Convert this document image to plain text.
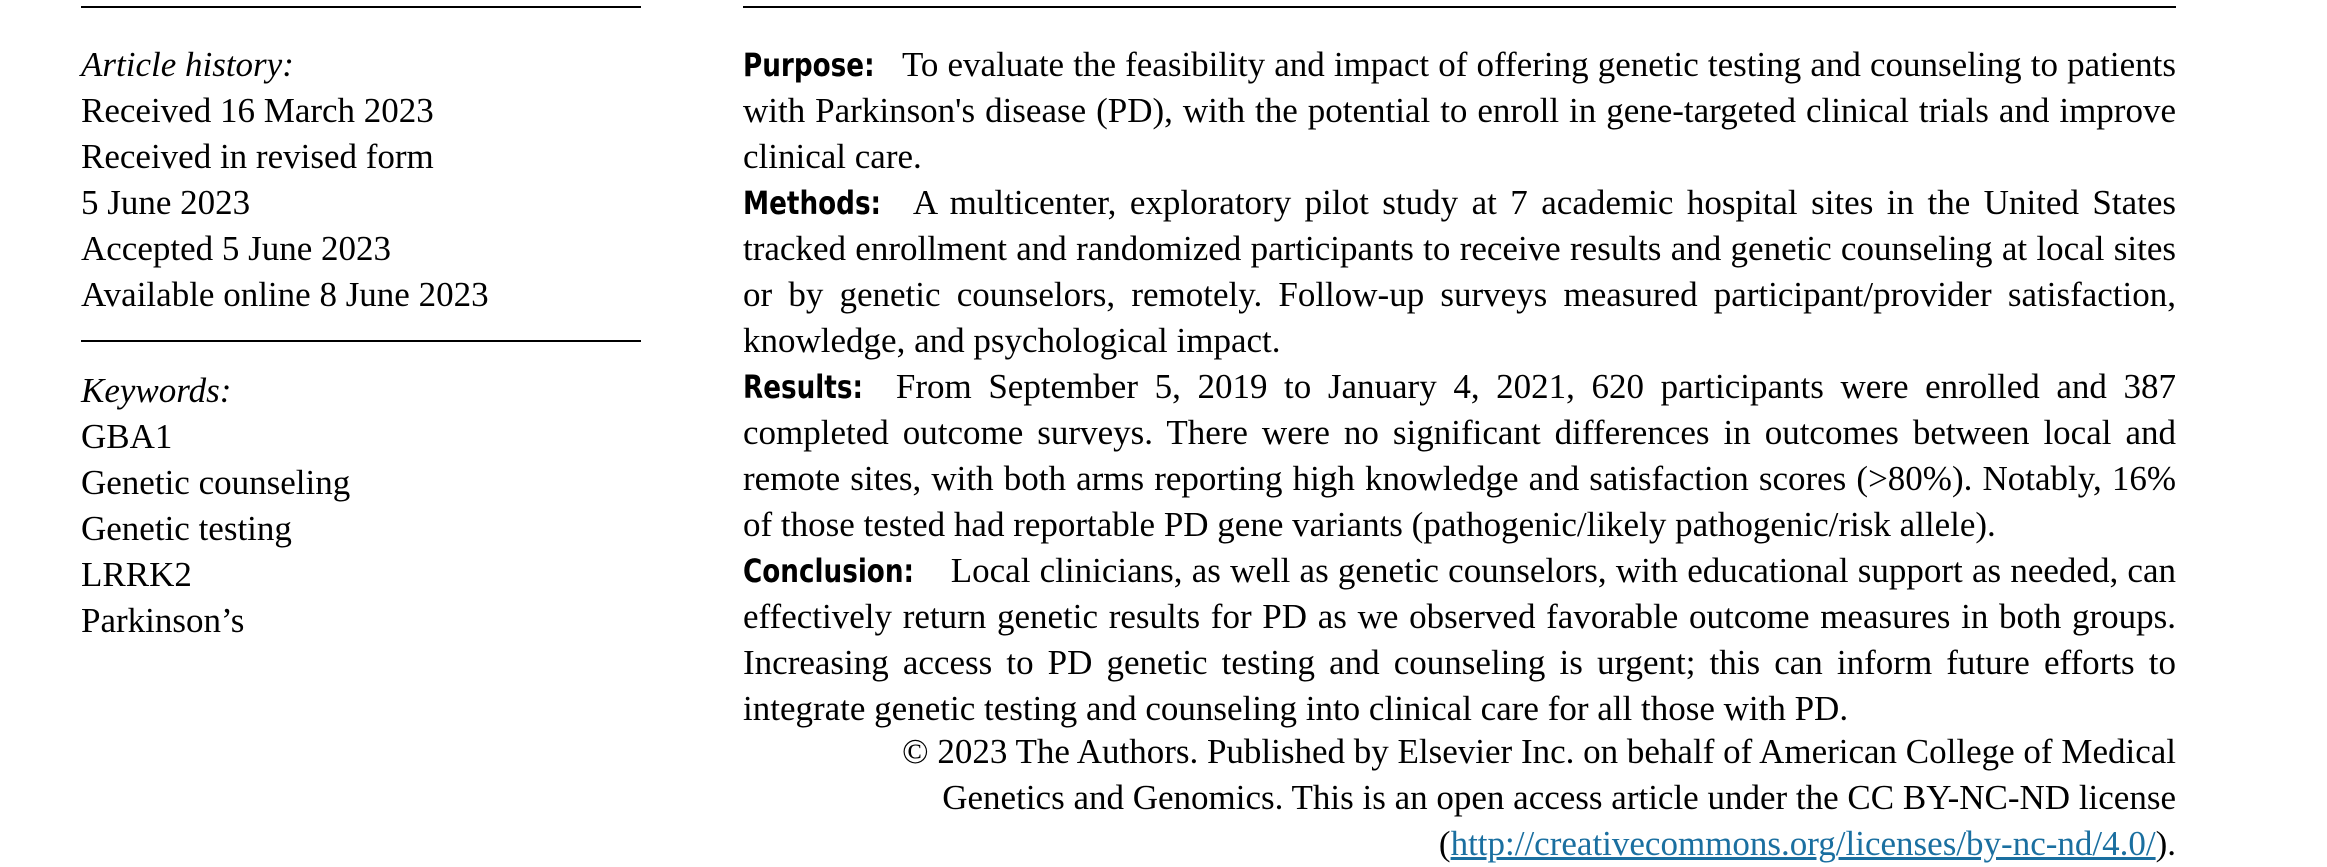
Article history:
Received 16 March 2023
Received in revised form
5 June 2023
Accepted 5 June 2023
Available online 8 June 2023
Keywords:
GBA1
Genetic counseling
Genetic testing
LRRK2
Parkinson’s

Purpose: To evaluate the feasibility and impact of offering genetic testing and counseling to patients with Parkinson's disease (PD), with the potential to enroll in gene-targeted clinical trials and improve clinical care.

Methods: A multicenter, exploratory pilot study at 7 academic hospital sites in the United States tracked enrollment and randomized participants to receive results and genetic counseling at local sites or by genetic counselors, remotely. Follow-up surveys measured participant/provider satisfaction, knowledge, and psychological impact.

Results: From September 5, 2019 to January 4, 2021, 620 participants were enrolled and 387 completed outcome surveys. There were no significant differences in outcomes between local and remote sites, with both arms reporting high knowledge and satisfaction scores (>80%). Notably, 16% of those tested had reportable PD gene variants (pathogenic/likely pathogenic/risk allele).

Conclusion: Local clinicians, as well as genetic counselors, with educational support as needed, can effectively return genetic results for PD as we observed favorable outcome measures in both groups. Increasing access to PD genetic testing and counseling is urgent; this can inform future efforts to integrate genetic testing and counseling into clinical care for all those with PD.

© 2023 The Authors. Published by Elsevier Inc. on behalf of American College of Medical Genetics and Genomics. This is an open access article under the CC BY-NC-ND license (http://creativecommons.org/licenses/by-nc-nd/4.0/).
